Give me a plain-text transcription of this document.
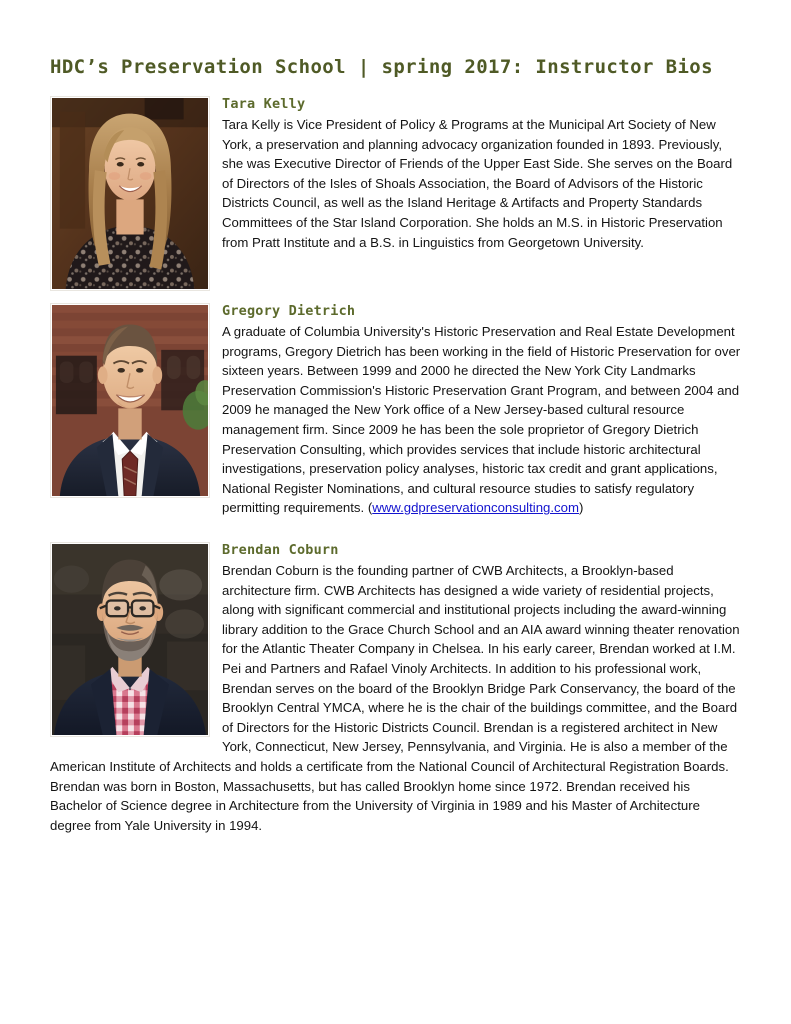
HDC’s Preservation School | spring 2017: Instructor Bios
Tara Kelly

Tara Kelly is Vice President of Policy & Programs at the Municipal Art Society of New York, a preservation and planning advocacy organization founded in 1893. Previously, she was Executive Director of Friends of the Upper East Side. She serves on the Board of Directors of the Isles of Shoals Association, the Board of Advisors of the Historic Districts Council, as well as the Island Heritage & Artifacts and Property Standards Committees of the Star Island Corporation. She holds an M.S. in Historic Preservation from Pratt Institute and a B.S. in Linguistics from Georgetown University.

Gregory Dietrich

A graduate of Columbia University's Historic Preservation and Real Estate Development programs, Gregory Dietrich has been working in the field of Historic Preservation for over sixteen years. Between 1999 and 2000 he directed the New York City Landmarks Preservation Commission's Historic Preservation Grant Program, and between 2004 and 2009 he managed the New York office of a New Jersey-based cultural resource management firm. Since 2009 he has been the sole proprietor of Gregory Dietrich Preservation Consulting, which provides services that include historic architectural investigations, preservation policy analyses, historic tax credit and grant applications, National Register Nominations, and cultural resource studies to satisfy regulatory permitting requirements. (www.gdpreservationconsulting.com)

Brendan Coburn

Brendan Coburn is the founding partner of CWB Architects, a Brooklyn-based architecture firm. CWB Architects has designed a wide variety of residential projects, along with significant commercial and institutional projects including the award-winning library addition to the Grace Church School and an AIA award winning theater renovation for the Atlantic Theater Company in Chelsea. In his early career, Brendan worked at I.M. Pei and Partners and Rafael Vinoly Architects. In addition to his professional work, Brendan serves on the board of the Brooklyn Bridge Park Conservancy, the board of the Brooklyn Central YMCA, where he is the chair of the buildings committee, and the Board of Directors for the Historic Districts Council. Brendan is a registered architect in New York, Connecticut, New Jersey, Pennsylvania, and Virginia. He is also a member of the American Institute of Architects and holds a certificate from the National Council of Architectural Registration Boards. Brendan was born in Boston, Massachusetts, but has called Brooklyn home since 1972. Brendan received his Bachelor of Science degree in Architecture from the University of Virginia in 1989 and his Master of Architecture degree from Yale University in 1994.
